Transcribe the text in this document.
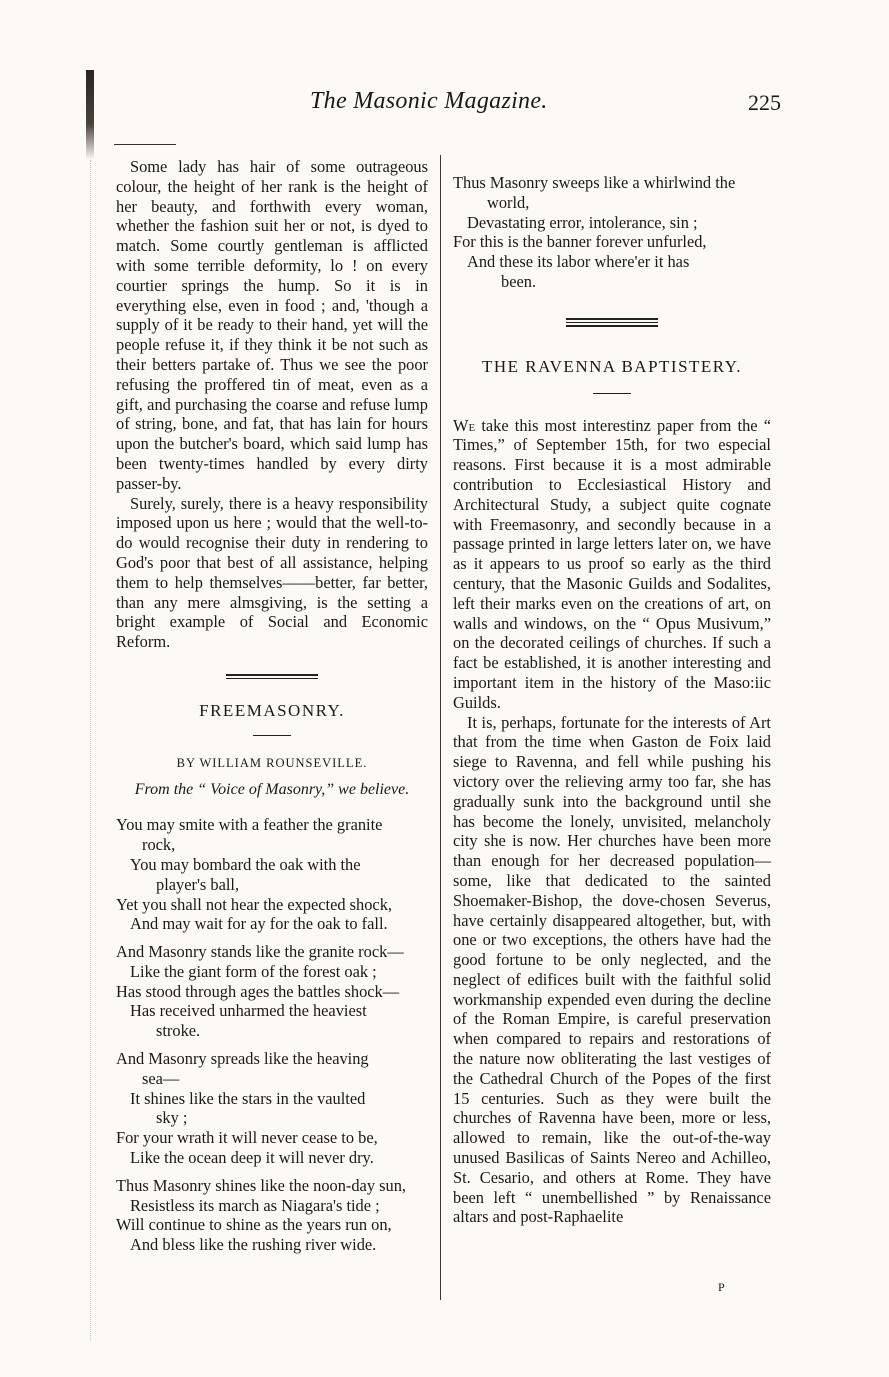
The Masonic Magazine.	225

Some lady has hair of some outrageous colour, the height of her rank is the height of her beauty, and forthwith every woman, whether the fashion suit her or not, is dyed to match. Some courtly gentleman is afflicted with some terrible deformity, lo ! on every courtier springs the hump. So it is in everything else, even in food ; and, 'though a supply of it be ready to their hand, yet will the people refuse it, if they think it be not such as their betters partake of. Thus we see the poor refusing the proffered tin of meat, even as a gift, and purchasing the coarse and refuse lump of string, bone, and fat, that has lain for hours upon the butcher's board, which said lump has been twenty-times handled by every dirty passer-by.

Surely, surely, there is a heavy responsibility imposed upon us here ; would that the well-to-do would recognise their duty in rendering to God's poor that best of all assistance, helping them to help themselves——better, far better, than any mere almsgiving, is the setting a bright example of Social and Economic Reform.

FREEMASONRY.
BY WILLIAM ROUNSEVILLE.
From the “ Voice of Masonry,” we believe.
You may smite with a feather the granite
rock,
You may bombard the oak with the
player's ball,
Yet you shall not hear the expected shock,
And may wait for ay for the oak to fall.
And Masonry stands like the granite rock—
Like the giant form of the forest oak ;
Has stood through ages the battles shock—
Has received unharmed the heaviest
stroke.
And Masonry spreads like the heaving
sea—
It shines like the stars in the vaulted
sky ;
For your wrath it will never cease to be,
Like the ocean deep it will never dry.
Thus Masonry shines like the noon-day sun,
Resistless its march as Niagara's tide ;
Will continue to shine as the years run on,
And bless like the rushing river wide.
Thus Masonry sweeps like a whirlwind the
world,
Devastating error, intolerance, sin ;
For this is the banner forever unfurled,
And these its labor where'er it has
been.
THE RAVENNA BAPTISTERY.

We take this most interestinz paper from the “ Times,” of September 15th, for two especial reasons. First because it is a most admirable contribution to Ecclesiastical History and Architectural Study, a subject quite cognate with Freemasonry, and secondly because in a passage printed in large letters later on, we have as it appears to us proof so early as the third century, that the Masonic Guilds and Sodalites, left their marks even on the creations of art, on walls and windows, on the “ Opus Musivum,” on the decorated ceilings of churches. If such a fact be established, it is another interesting and important item in the history of the Maso:iic Guilds.

It is, perhaps, fortunate for the interests of Art that from the time when Gaston de Foix laid siege to Ravenna, and fell while pushing his victory over the relieving army too far, she has gradually sunk into the background until she has become the lonely, unvisited, melancholy city she is now. Her churches have been more than enough for her decreased population—some, like that dedicated to the sainted Shoemaker-Bishop, the dove-chosen Severus, have certainly disappeared altogether, but, with one or two exceptions, the others have had the good fortune to be only neglected, and the neglect of edifices built with the faithful solid workmanship expended even during the decline of the Roman Empire, is careful preservation when compared to repairs and restorations of the nature now obliterating the last vestiges of the Cathedral Church of the Popes of the first 15 centuries. Such as they were built the churches of Ravenna have been, more or less, allowed to remain, like the out-of-the-way unused Basilicas of Saints Nereo and Achilleo, St. Cesario, and others at Rome. They have been left “ unembellished ” by Renaissance altars and post-Raphaelite

P
